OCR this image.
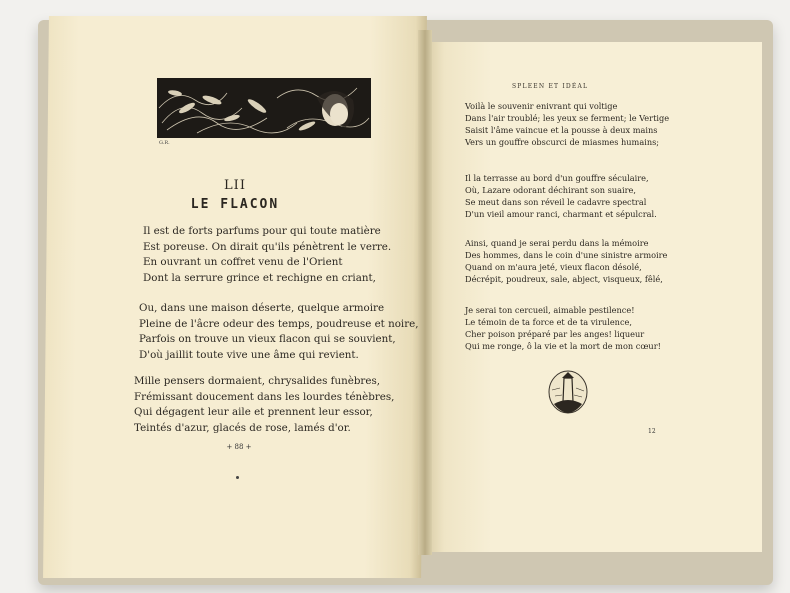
G.R.
LII
LE FLACON
Il est de forts parfums pour qui toute matière
Est poreuse. On dirait qu'ils pénètrent le verre.
En ouvrant un coffret venu de l'Orient
Dont la serrure grince et rechigne en criant,
Ou, dans une maison déserte, quelque armoire
Pleine de l'âcre odeur des temps, poudreuse et noire,
Parfois on trouve un vieux flacon qui se souvient,
D'où jaillit toute vive une âme qui revient.
Mille pensers dormaient, chrysalides funèbres,
Frémissant doucement dans les lourdes ténèbres,
Qui dégagent leur aile et prennent leur essor,
Teintés d'azur, glacés de rose, lamés d'or.
+ 88 +
SPLEEN ET IDÉAL
Voilà le souvenir enivrant qui voltige
Dans l'air troublé; les yeux se ferment; le Vertige
Saisit l'âme vaincue et la pousse à deux mains
Vers un gouffre obscurci de miasmes humains;
Il la terrasse au bord d'un gouffre séculaire,
Où, Lazare odorant déchirant son suaire,
Se meut dans son réveil le cadavre spectral
D'un vieil amour ranci, charmant et sépulcral.
Ainsi, quand je serai perdu dans la mémoire
Des hommes, dans le coin d'une sinistre armoire
Quand on m'aura jeté, vieux flacon désolé,
Décrépit, poudreux, sale, abject, visqueux, fêlé,
Je serai ton cercueil, aimable pestilence!
Le témoin de ta force et de ta virulence,
Cher poison préparé par les anges! liqueur
Qui me ronge, ô la vie et la mort de mon cœur!
12
